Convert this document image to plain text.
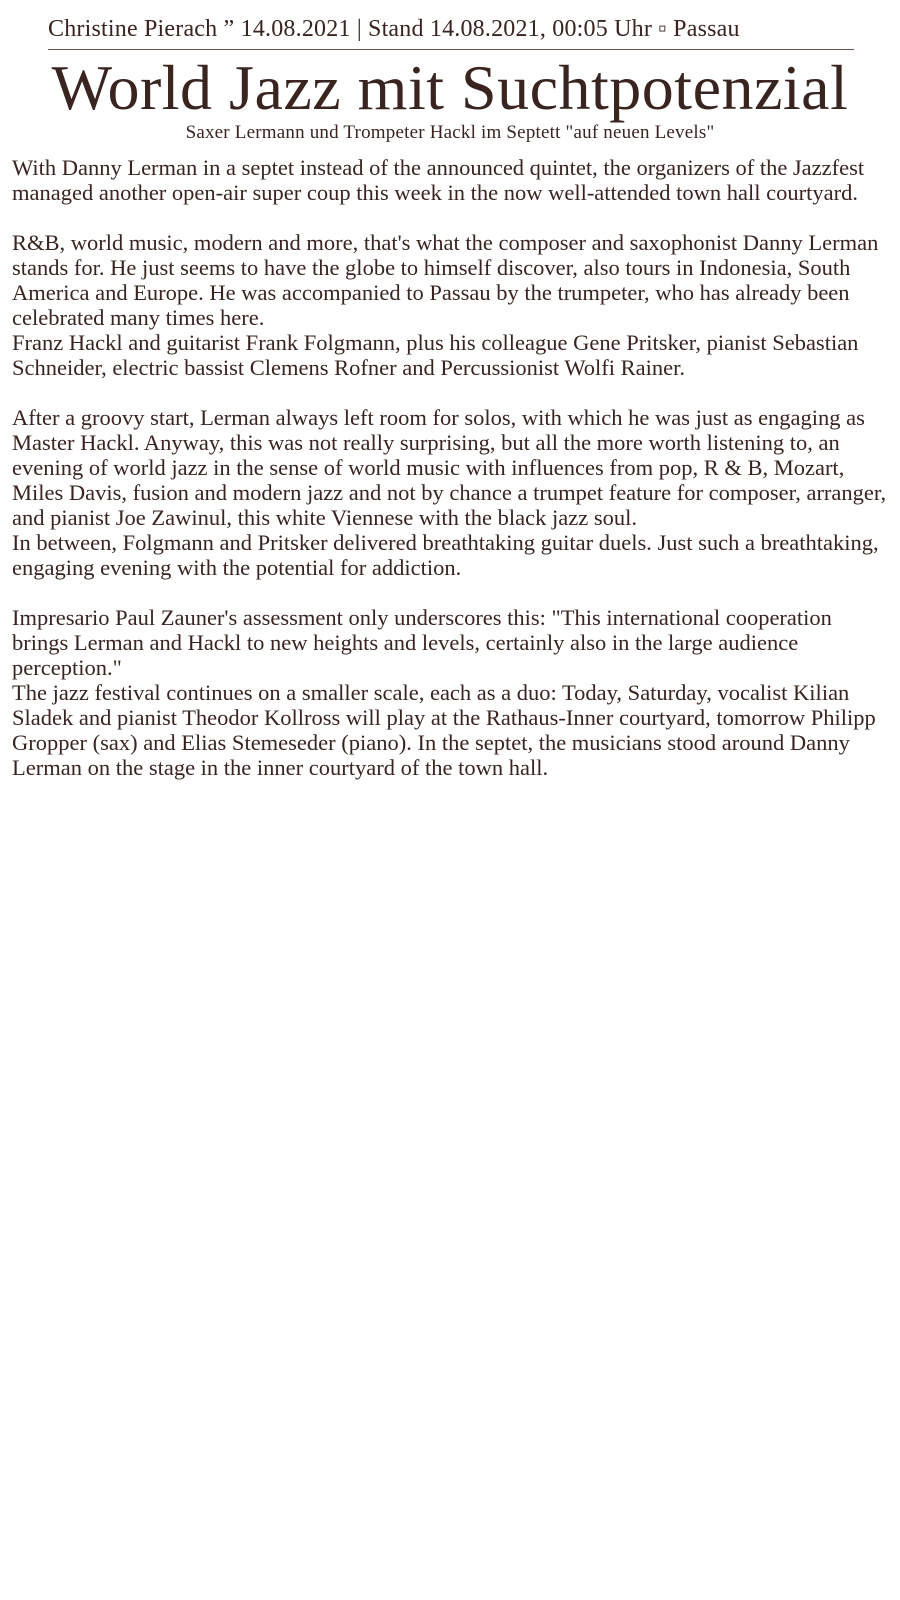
Christine Pierach ˮ 14.08.2021 | Stand 14.08.2021, 00:05 Uhr ▫ Passau
World Jazz mit Suchtpotenzial
Saxer Lermann und Trompeter Hackl im Septett "auf neuen Levels"

With Danny Lerman in a septet instead of the announced quintet, the organizers of the Jazzfest managed another open-air super coup this week in the now well-attended town hall courtyard.

R&B, world music, modern and more, that's what the composer and saxophonist Danny Lerman stands for. He just seems to have the globe to himself discover, also tours in Indonesia, South America and Europe. He was accompanied to Passau by the trumpeter, who has already been celebrated many times here.

Franz Hackl and guitarist Frank Folgmann, plus his colleague Gene Pritsker, pianist Sebastian Schneider, electric bassist Clemens Rofner and Percussionist Wolfi Rainer.

After a groovy start, Lerman always left room for solos, with which he was just as engaging as Master Hackl. Anyway, this was not really surprising, but all the more worth listening to, an evening of world jazz in the sense of world music with influences from pop, R & B, Mozart, Miles Davis, fusion and modern jazz and not by chance a trumpet feature for composer, arranger, and pianist Joe Zawinul, this white Viennese with the black jazz soul.

In between, Folgmann and Pritsker delivered breathtaking guitar duels. Just such a breathtaking, engaging evening with the potential for addiction.

Impresario Paul Zauner's assessment only underscores this: "This international cooperation brings Lerman and Hackl to new heights and levels, certainly also in the large audience perception."

The jazz festival continues on a smaller scale, each as a duo: Today, Saturday, vocalist Kilian Sladek and pianist Theodor Kollross will play at the Rathaus-Inner courtyard, tomorrow Philipp Gropper (sax) and Elias Stemeseder (piano). In the septet, the musicians stood around Danny Lerman on the stage in the inner courtyard of the town hall.
